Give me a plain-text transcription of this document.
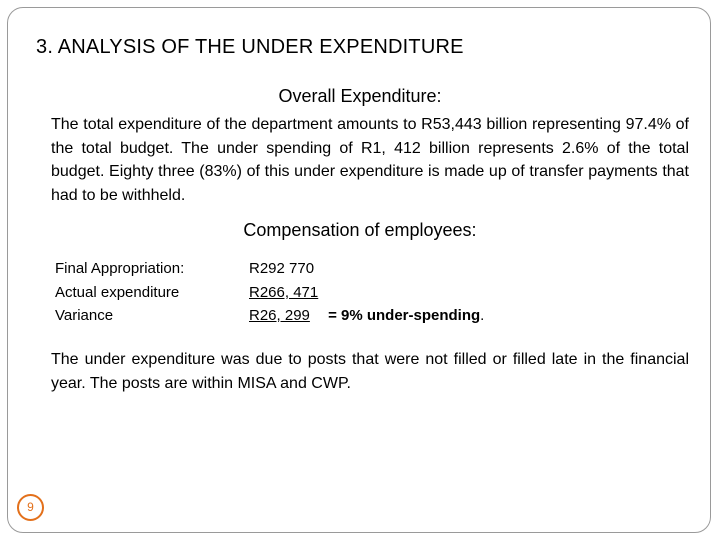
3. ANALYSIS OF THE UNDER EXPENDITURE
Overall Expenditure:
The total expenditure of the department amounts to R53,443 billion representing 97.4% of the total budget. The under spending of R1, 412 billion represents 2.6% of the total budget. Eighty three (83%) of this under expenditure is made up of transfer payments that had to be withheld.
Compensation of employees:
Final Appropriation:	R292 770
Actual expenditure	R266, 471
Variance	R26, 299 = 9% under-spending.
The under expenditure was due to posts that were not filled or filled late in the financial year. The posts are within MISA and CWP.
9
